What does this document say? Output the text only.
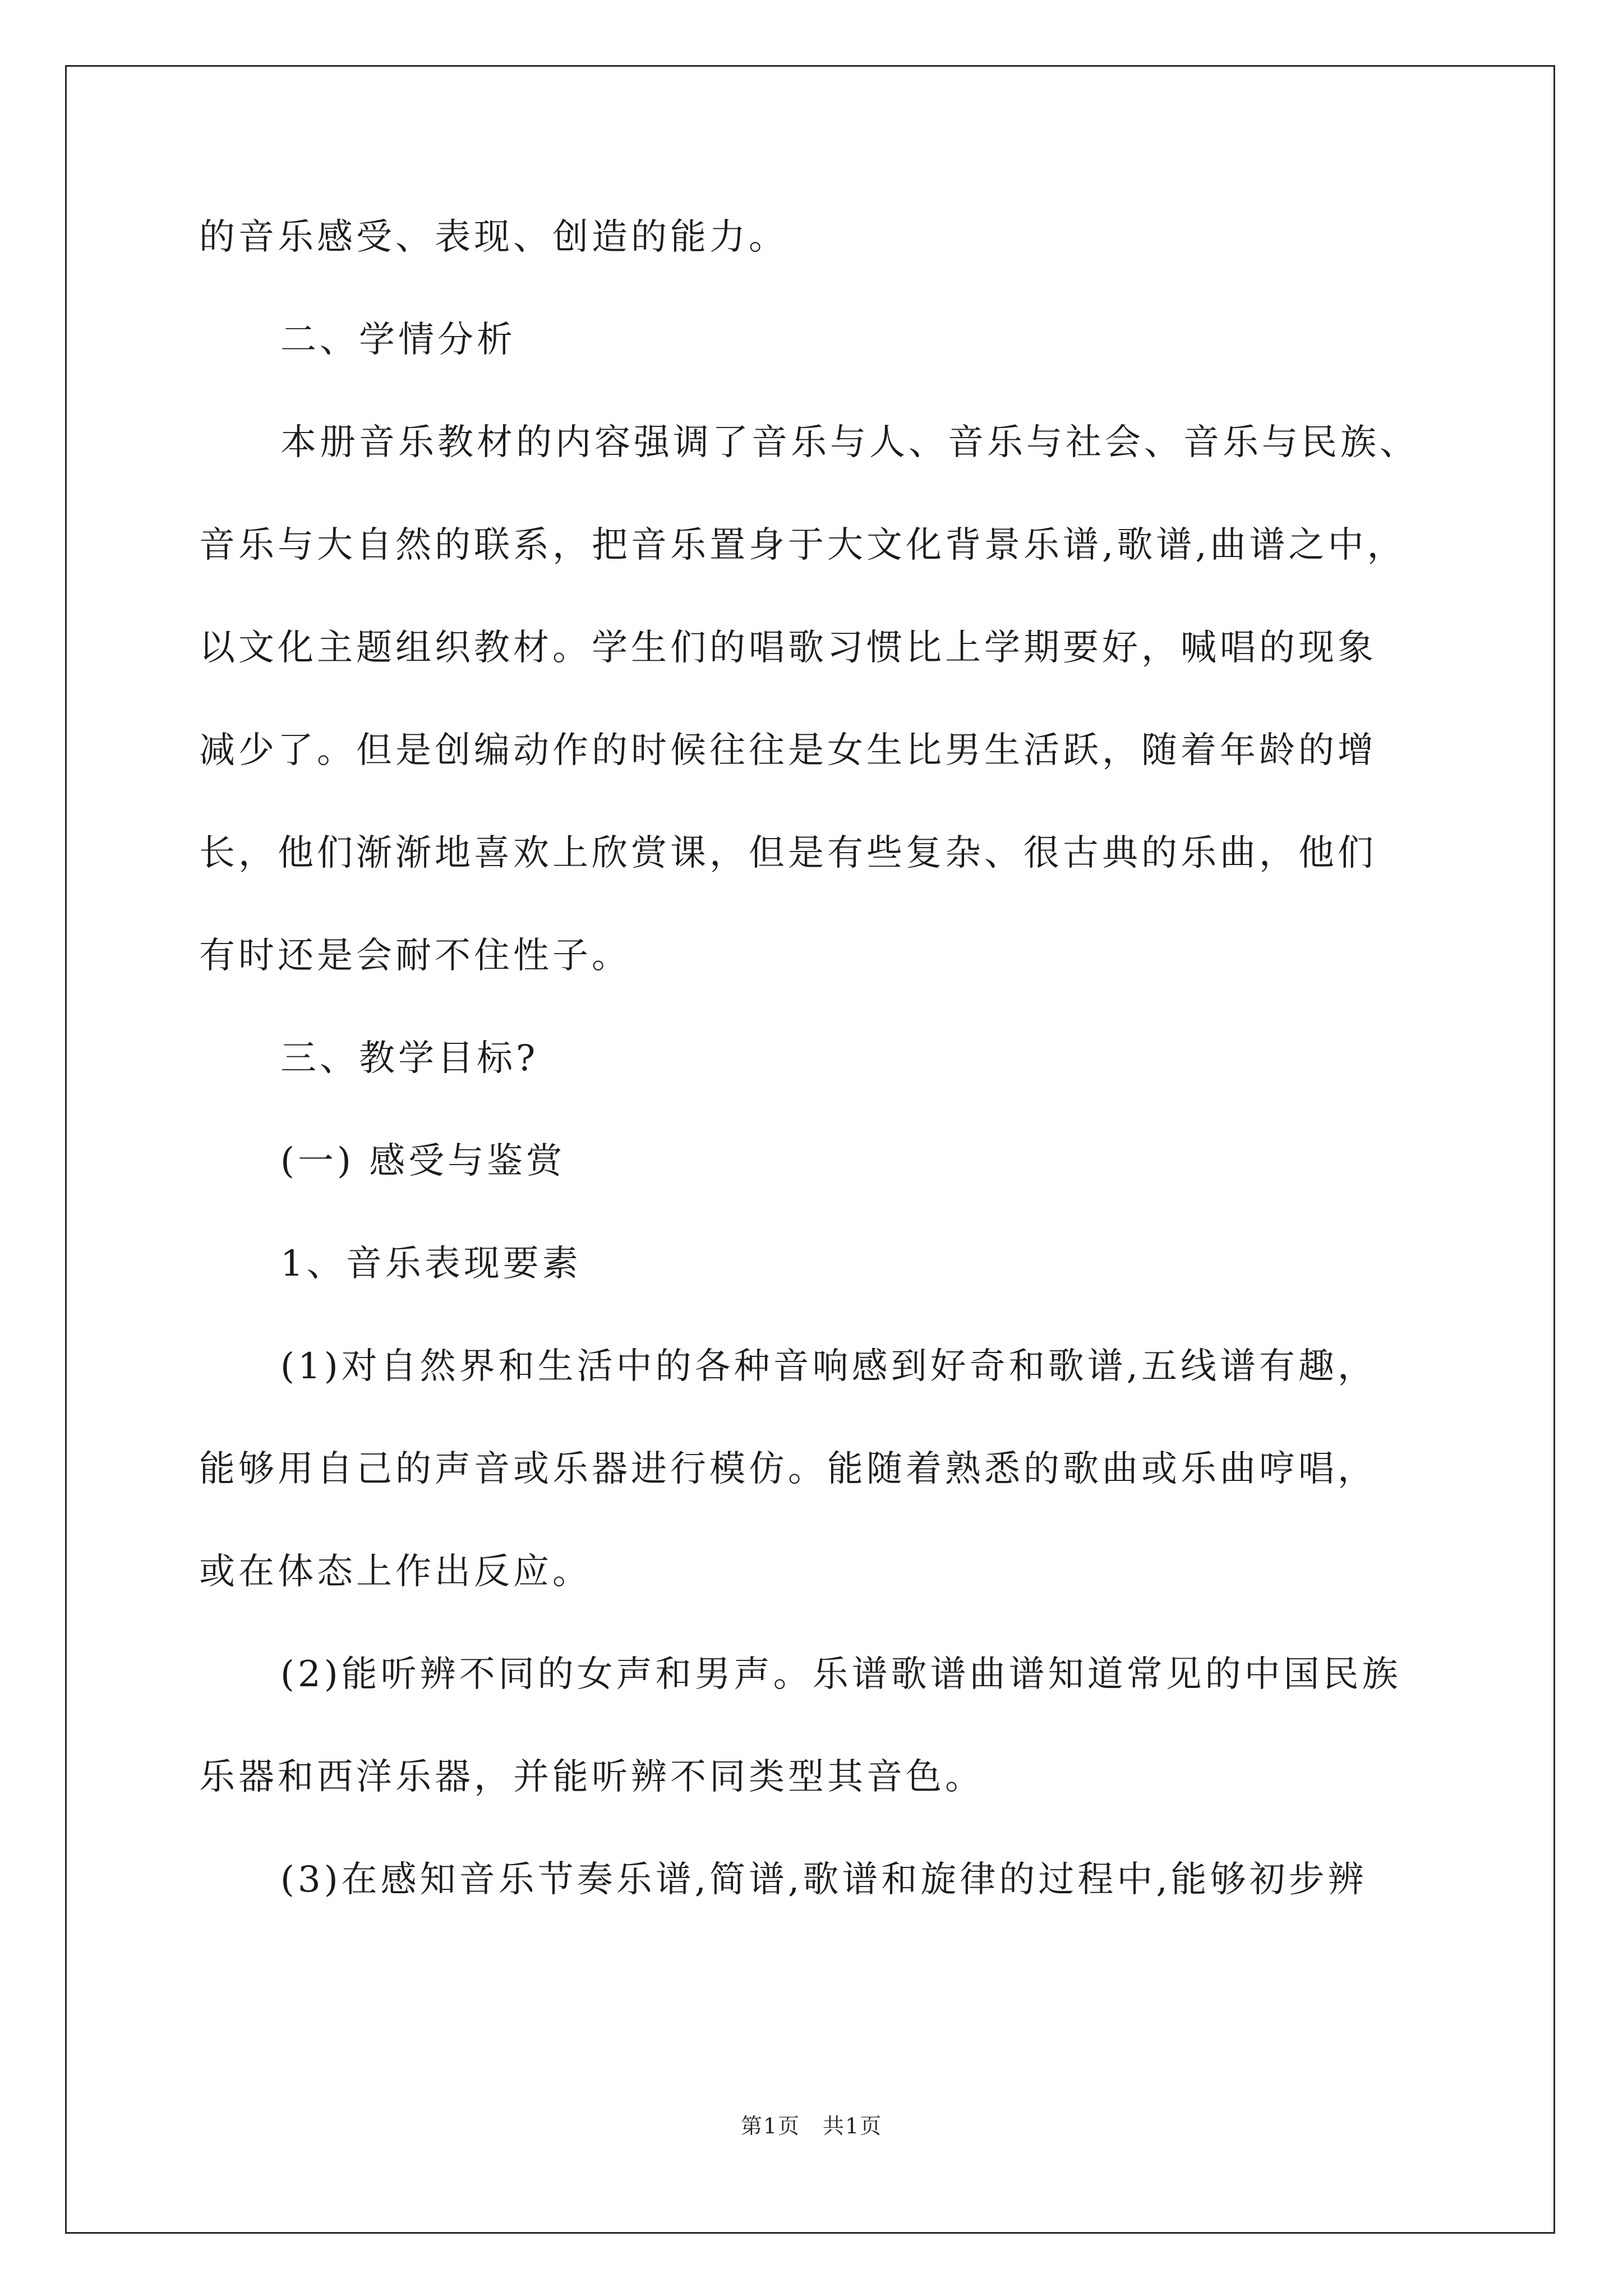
的音乐感受、表现、创造的能力。
二、学情分析
本册音乐教材的内容强调了音乐与人、音乐与社会、音乐与民族、
音乐与大自然的联系，把音乐置身于大文化背景乐谱,歌谱,曲谱之中，
以文化主题组织教材。学生们的唱歌习惯比上学期要好，喊唱的现象
减少了。但是创编动作的时候往往是女生比男生活跃，随着年龄的增
长，他们渐渐地喜欢上欣赏课，但是有些复杂、很古典的乐曲，他们
有时还是会耐不住性子。
三、教学目标?
(一) 感受与鉴赏
1、音乐表现要素
(1)对自然界和生活中的各种音响感到好奇和歌谱,五线谱有趣，
能够用自己的声音或乐器进行模仿。能随着熟悉的歌曲或乐曲哼唱，
或在体态上作出反应。
(2)能听辨不同的女声和男声。乐谱歌谱曲谱知道常见的中国民族
乐器和西洋乐器，并能听辨不同类型其音色。
(3)在感知音乐节奏乐谱,简谱,歌谱和旋律的过程中,能够初步辨
第1页 共1页
